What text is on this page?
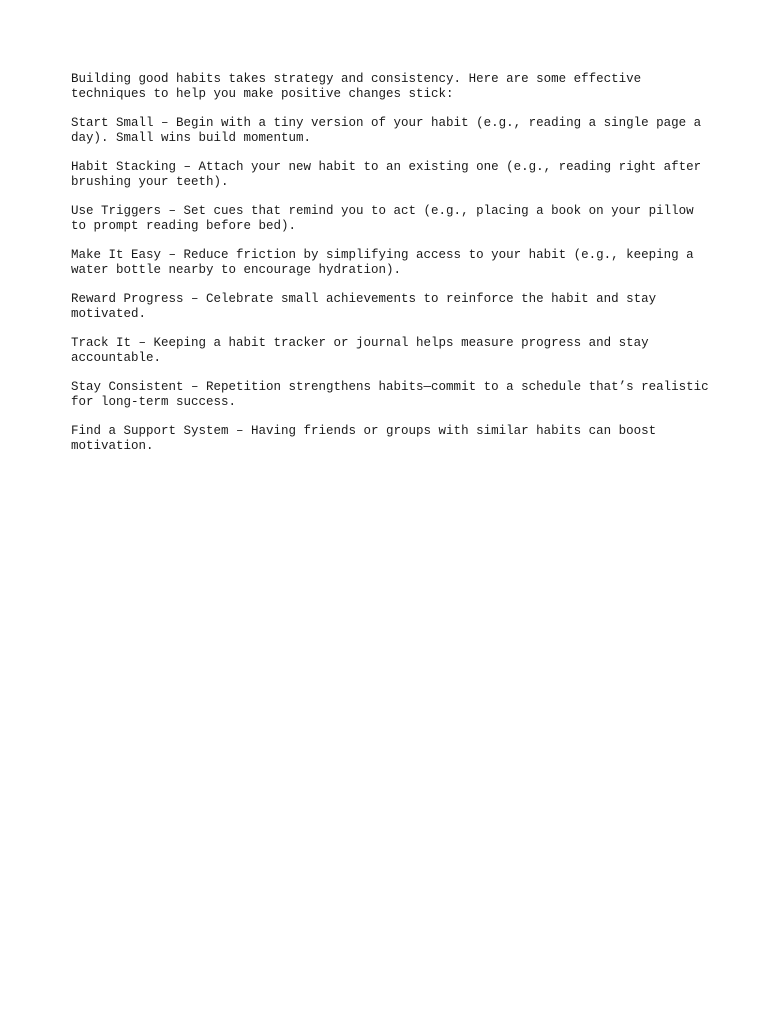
Building good habits takes strategy and consistency. Here are some effective techniques to help you make positive changes stick:

Start Small – Begin with a tiny version of your habit (e.g., reading a single page a day). Small wins build momentum.

Habit Stacking – Attach your new habit to an existing one (e.g., reading right after brushing your teeth).

Use Triggers – Set cues that remind you to act (e.g., placing a book on your pillow to prompt reading before bed).

Make It Easy – Reduce friction by simplifying access to your habit (e.g., keeping a water bottle nearby to encourage hydration).

Reward Progress – Celebrate small achievements to reinforce the habit and stay motivated.

Track It – Keeping a habit tracker or journal helps measure progress and stay accountable.

Stay Consistent – Repetition strengthens habits—commit to a schedule that’s realistic for long-term success.

Find a Support System – Having friends or groups with similar habits can boost motivation.
